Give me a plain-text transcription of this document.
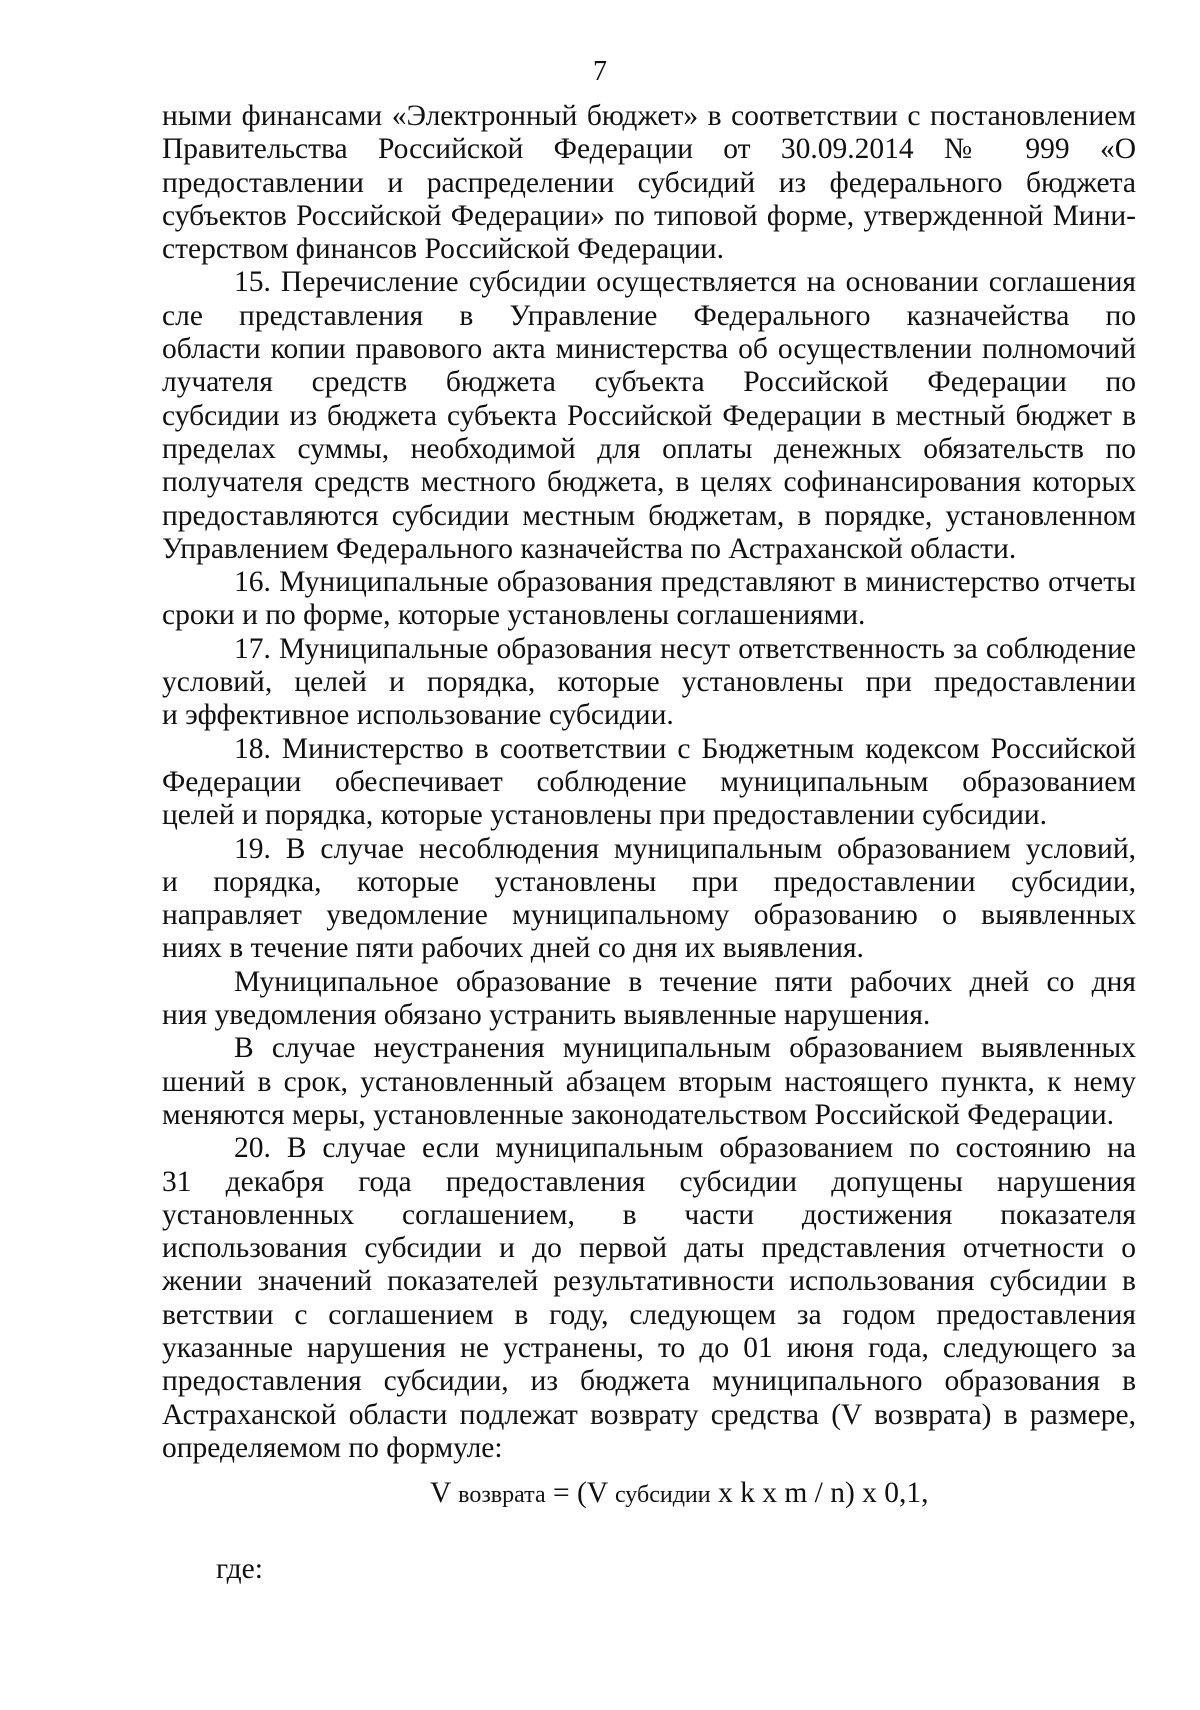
7
ными финансами «Электронный бюджет» в соответствии с постановлением
Правительства Российской Федерации от 30.09.2014 № 999 «О
предоставлении и распределении субсидий из федерального бюджета
субъектов Российской Федерации» по типовой форме, утвержденной Мини-
стерством финансов Российской Федерации.
15. Перечисление субсидии осуществляется на основании соглашения
сле представления в Управление Федерального казначейства по
области копии правового акта министерства об осуществлении полномочий
лучателя средств бюджета субъекта Российской Федерации по
субсидии из бюджета субъекта Российской Федерации в местный бюджет в
пределах суммы, необходимой для оплаты денежных обязательств по
получателя средств местного бюджета, в целях софинансирования которых
предоставляются субсидии местным бюджетам, в порядке, установленном
Управлением Федерального казначейства по Астраханской области.
16. Муниципальные образования представляют в министерство отчеты
сроки и по форме, которые установлены соглашениями.
17. Муниципальные образования несут ответственность за соблюдение
условий, целей и порядка, которые установлены при предоставлении
и эффективное использование субсидии.
18. Министерство в соответствии с Бюджетным кодексом Российской
Федерации обеспечивает соблюдение муниципальным образованием
целей и порядка, которые установлены при предоставлении субсидии.
19. В случае несоблюдения муниципальным образованием условий,
и порядка, которые установлены при предоставлении субсидии,
направляет уведомление муниципальному образованию о выявленных
ниях в течение пяти рабочих дней со дня их выявления.
Муниципальное образование в течение пяти рабочих дней со дня
ния уведомления обязано устранить выявленные нарушения.
В случае неустранения муниципальным образованием выявленных
шений в срок, установленный абзацем вторым настоящего пункта, к нему
меняются меры, установленные законодательством Российской Федерации.
20. В случае если муниципальным образованием по состоянию на
31 декабря года предоставления субсидии допущены нарушения
установленных соглашением, в части достижения показателя
использования субсидии и до первой даты представления отчетности о
жении значений показателей результативности использования субсидии в
ветствии с соглашением в году, следующем за годом предоставления
указанные нарушения не устранены, то до 01 июня года, следующего за
предоставления субсидии, из бюджета муниципального образования в
Астраханской области подлежат возврату средства (V возврата) в размере,
определяемом по формуле:
V возврата = (V субсидии x k x m / n) x 0,1,
где:
